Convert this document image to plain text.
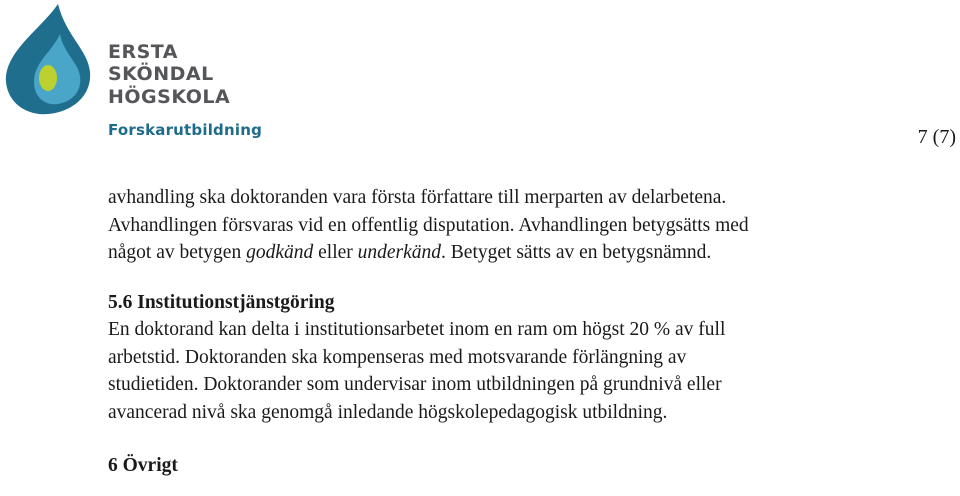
ERSTA
SKÖNDAL
HÖGSKOLA
Forskarutbildning	7 (7)

avhandling ska doktoranden vara första författare till merparten av delarbetena.

Avhandlingen försvaras vid en offentlig disputation. Avhandlingen betygsätts med

något av betygen godkänd eller underkänd. Betyget sätts av en betygsnämnd.

5.6 Institutionstjänstgöring

En doktorand kan delta i institutionsarbetet inom en ram om högst 20 % av full

arbetstid. Doktoranden ska kompenseras med motsvarande förlängning av

studietiden. Doktorander som undervisar inom utbildningen på grundnivå eller

avancerad nivå ska genomgå inledande högskolepedagogisk utbildning.

6 Övrigt
